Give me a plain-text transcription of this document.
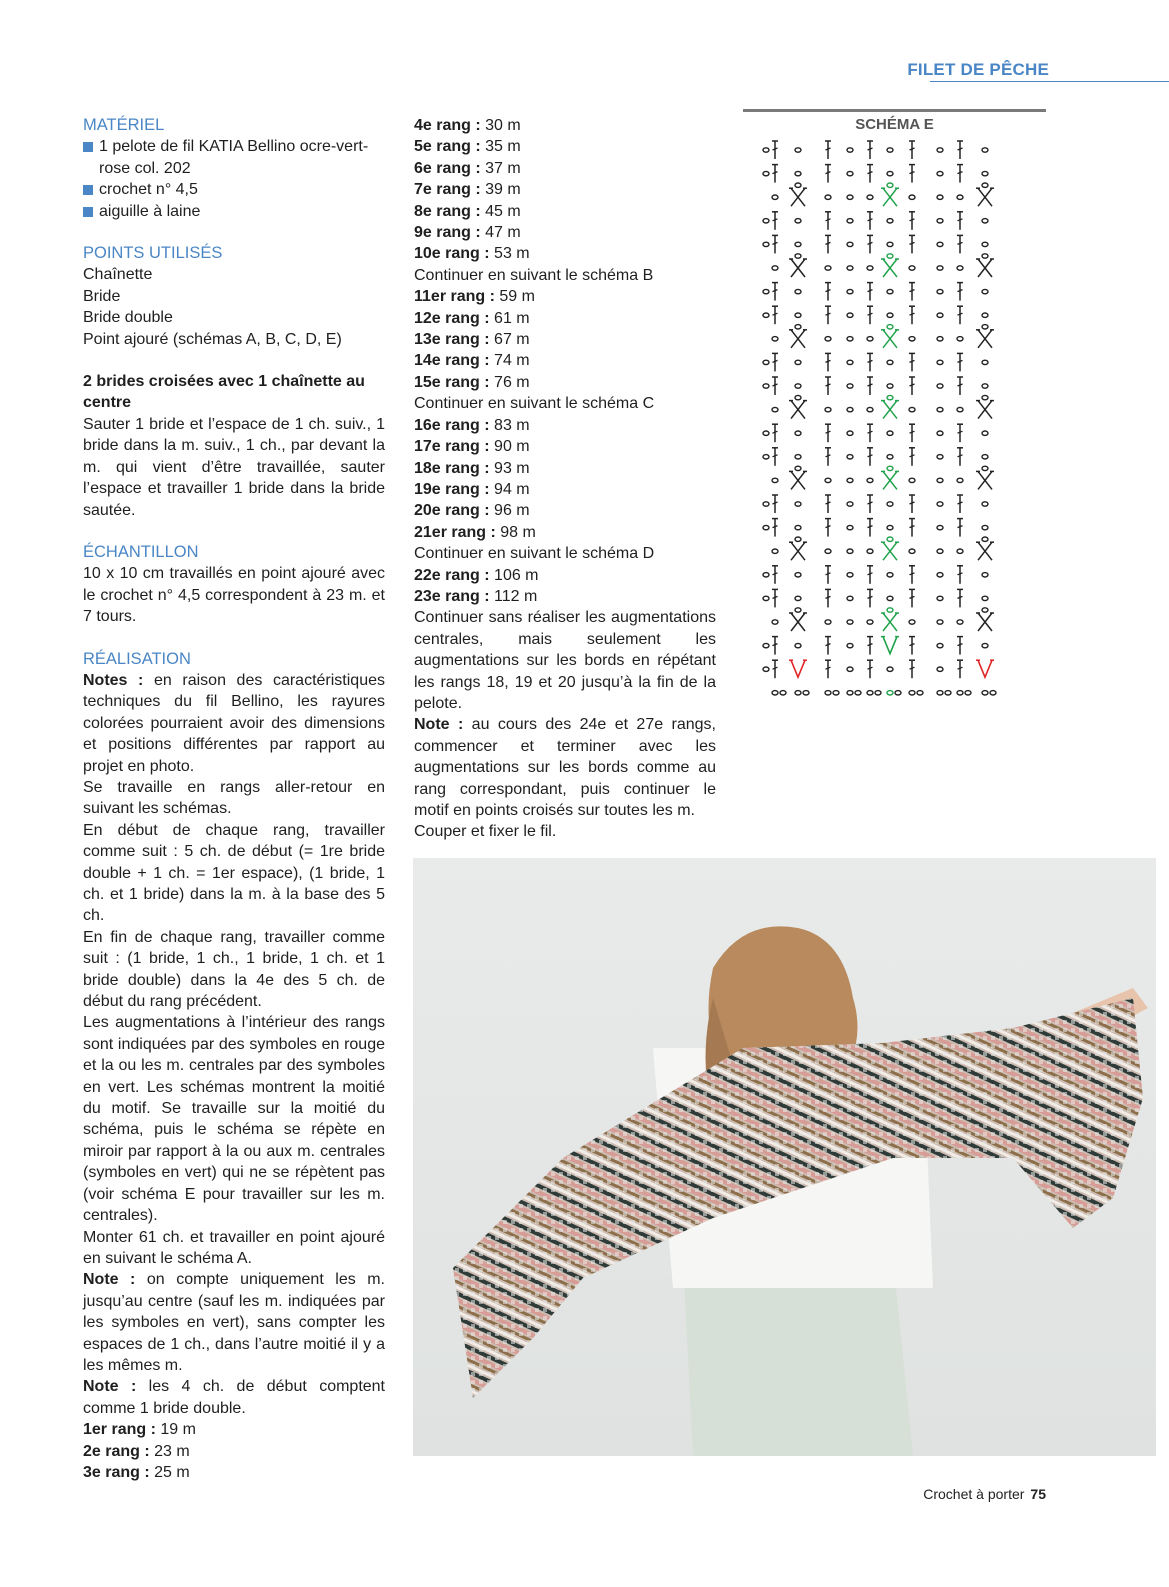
FILET DE PÊCHE
MATÉRIEL
1 pelote de fil KATIA Bellino ocre-vert-rose col. 202
crochet n° 4,5
aiguille à laine
POINTS UTILISÉS
Chaînette
Bride
Bride double
Point ajouré (schémas A, B, C, D, E)

2 brides croisées avec 1 chaînette au centre

Sauter 1 bride et l’espace de 1 ch. suiv., 1 bride dans la m. suiv., 1 ch., par devant la m. qui vient d’être travaillée, sauter l’espace et travailler 1 bride dans la bride sautée.

ÉCHANTILLON

10 x 10 cm travaillés en point ajouré avec le crochet n° 4,5 correspondent à 23 m. et 7 tours.

RÉALISATION

Notes : en raison des caractéristiques techniques du fil Bellino, les rayures colorées pourraient avoir des dimensions et positions différentes par rapport au projet en photo.

Se travaille en rangs aller-retour en suivant les schémas.

En début de chaque rang, travailler comme suit : 5 ch. de début (= 1re bride double + 1 ch. = 1er espace), (1 bride, 1 ch. et 1 bride) dans la m. à la base des 5 ch.

En fin de chaque rang, travailler comme suit : (1 bride, 1 ch., 1 bride, 1 ch. et 1 bride double) dans la 4e des 5 ch. de début du rang précédent.

Les augmentations à l’intérieur des rangs sont indiquées par des symboles en rouge et la ou les m. centrales par des symboles en vert. Les schémas montrent la moitié du motif. Se travaille sur la moitié du schéma, puis le schéma se répète en miroir par rapport à la ou aux m. centrales (symboles en vert) qui ne se répètent pas (voir schéma E pour travailler sur les m. centrales).

Monter 61 ch. et travailler en point ajouré en suivant le schéma A.

Note : on compte uniquement les m. jusqu’au centre (sauf les m. indiquées par les symboles en vert), sans compter les espaces de 1 ch., dans l’autre moitié il y a les mêmes m.

Note : les 4 ch. de début comptent comme 1 bride double.

1er rang : 19 m
2e rang : 23 m
3e rang : 25 m
4e rang : 30 m
5e rang : 35 m
6e rang : 37 m
7e rang : 39 m
8e rang : 45 m
9e rang : 47 m
10e rang : 53 m
Continuer en suivant le schéma B
11er rang : 59 m
12e rang : 61 m
13e rang : 67 m
14e rang : 74 m
15e rang : 76 m
Continuer en suivant le schéma C
16e rang : 83 m
17e rang : 90 m
18e rang : 93 m
19e rang : 94 m
20e rang : 96 m
21er rang : 98 m
Continuer en suivant le schéma D
22e rang : 106 m
23e rang : 112 m

Continuer sans réaliser les augmentations centrales, mais seulement les augmentations sur les bords en répétant les rangs 18, 19 et 20 jusqu’à la fin de la pelote.

Note : au cours des 24e et 27e rangs, commencer et terminer avec les augmentations sur les bords comme au rang correspondant, puis continuer le motif en points croisés sur toutes les m.

Couper et fixer le fil.
SCHÉMA E
Crochet à porter 75
